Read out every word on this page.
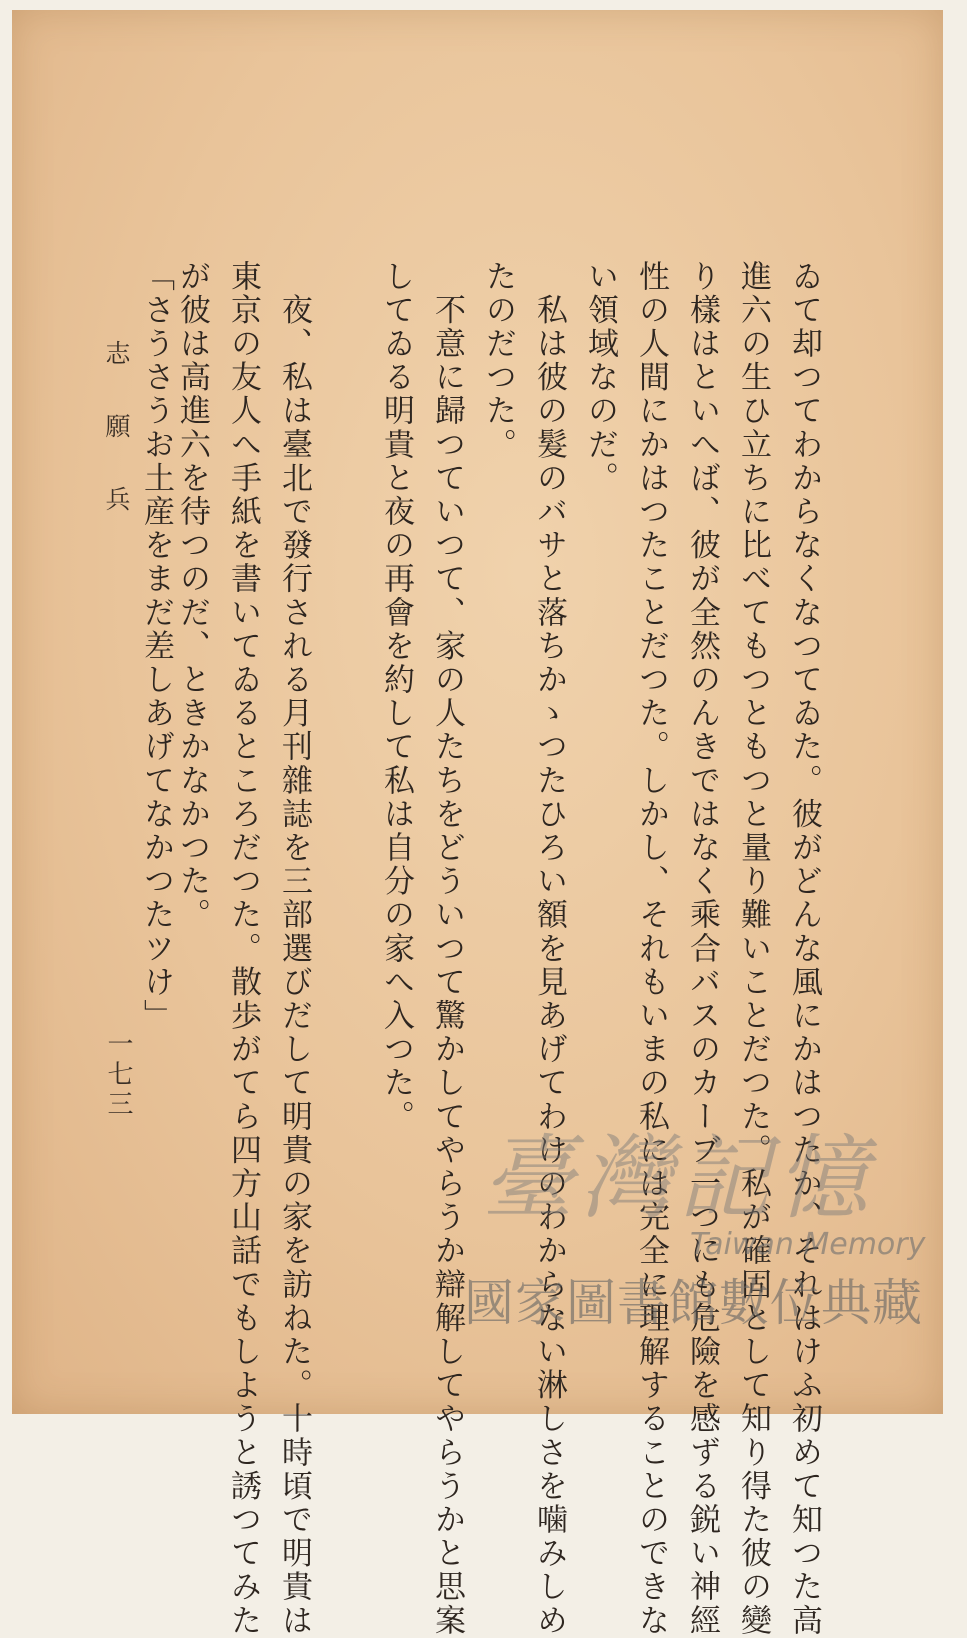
ゐて却つてわからなくなつてゐた。彼がどんな風にかはつたか、それはけふ初めて知つた高
進六の生ひ立ちに比べてもつともつと量り難いことだつた。私が確固として知り得た彼の變
り樣はといへば、彼が全然のんきではなく乘合バスのカーブ一つにも危險を感ずる鋭い神經
性の人間にかはつたことだつた。しかし、それもいまの私には完全に理解することのできな
い領域なのだ。
　私は彼の髮のバサと落ちかゝつたひろい額を見あげてわけのわからない淋しさを噛みしめ
たのだつた。
　不意に歸つていつて、家の人たちをどういつて驚かしてやらうか辯解してやらうかと思案
してゐる明貴と夜の再會を約して私は自分の家へ入つた。
　夜、私は臺北で發行される月刊雜誌を三部選びだして明貴の家を訪ねた。十時頃で明貴は
東京の友人へ手紙を書いてゐるところだつた。散歩がてら四方山話でもしようと誘つてみた
が彼は高進六を待つのだ、ときかなかつた。
「さうさうお土産をまだ差しあげてなかつたツけ」
志願兵
一七三
臺灣記憶
Taiwan Memory
國家圖書館數位典藏
